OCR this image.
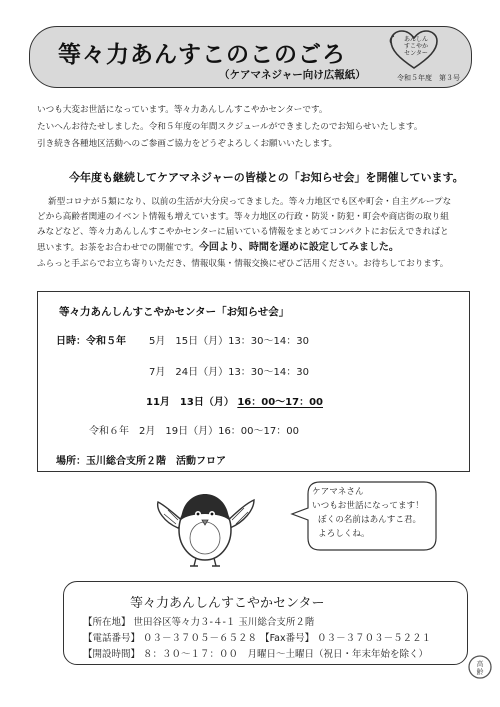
等々力あんすこのこのごろ
（ケアマネジャー向け広報紙）
あんしん
すこやか
センター
令和５年度　第３号
いつも大変お世話になっています。等々力あんしんすこやかセンターです。
たいへんお待たせしました。令和５年度の年間スクジュールができましたのでお知らせいたします。
引き続き各種地区活動へのご参画ご協力をどうぞよろしくお願いいたします。
今年度も継続してケアマネジャーの皆様との「お知らせ会」を開催しています。
新型コロナが５類になり、以前の生活が大分戻ってきました。等々力地区でも区や町会・自主グループな
どから高齢者関連のイベント情報も増えています。等々力地区の行政・防災・防犯・町会や商店街の取り組
みなどなど、等々力あんしんすこやかセンターに届いている情報をまとめてコンパクトにお伝えできればと
思います。お茶をお合わせでの開催です。今回より、時間を遅めに設定してみました。
ふらっと手ぶらでお立ち寄りいただき、情報収集・情報交換にぜひご活用ください。お待ちしております。
等々力あんしんすこやかセンター「お知らせ会」
日時：令和５年 5月　15日（月）13：30～14：30
7月　24日（月）13：30～14：30
11月　13日（月） 16：00～17：00
令和６年　2月　19日（月）16：00～17：00
場所：玉川総合支所２階　活動フロア
ケアマネさん
いつもお世話になってます！
ぼくの名前はあんすこ君。
よろしくね。
等々力あんしんすこやかセンター
【所在地】 世田谷区等々力３-４-１ 玉川総合支所２階
【電話番号】 ０３－３７０５－６５２８ 【Fax番号】 ０３－３７０３－５２２１
【開設時間】 ８：３０～１７：００　月曜日～土曜日（祝日・年末年始を除く）
高
齢
